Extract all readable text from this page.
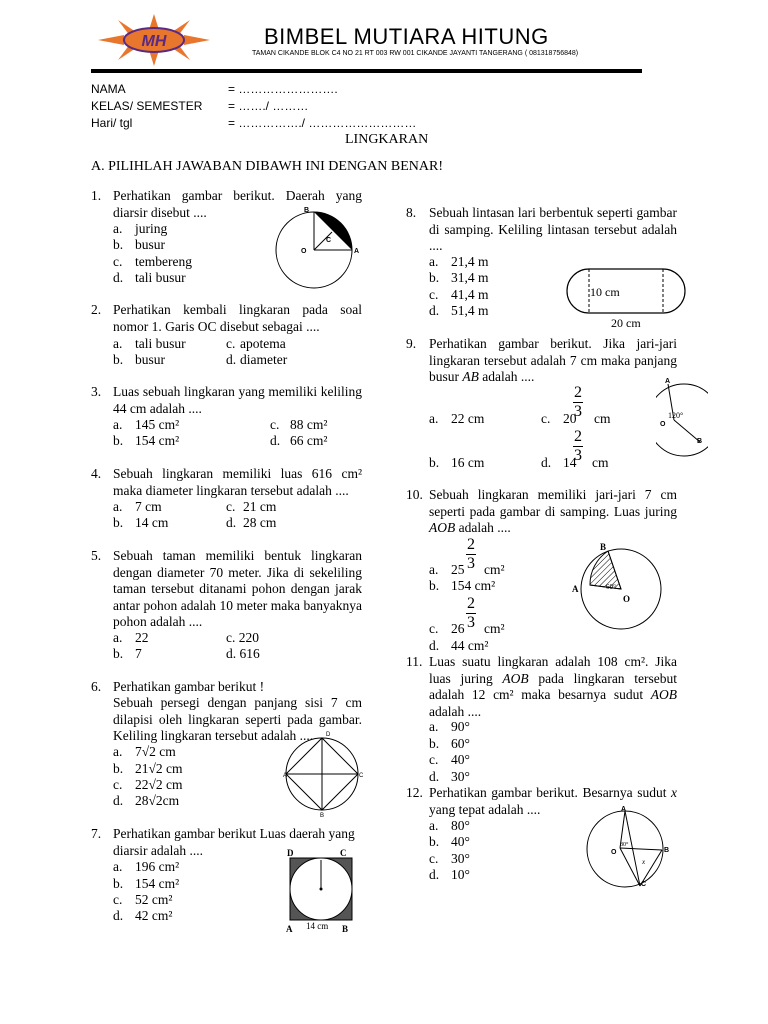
MH	BIMBEL MUTIARA HITUNG
TAMAN CIKANDE BLOK C4 NO 21 RT 003 RW 001 CIKANDE JAYANTI TANGERANG ( 081318756848)
NAMA	= …………………….
KELAS/ SEMESTER = ……./ ………
Hari/ tgl	= ……………./ ………………………
LINGKARAN
A. PILIHLAH JAWABAN DIBAWH INI DENGAN BENAR!
1. Perhatikan gambar berikut. Daerah yang diarsir disebut ....
a. juring
b. busur
c. tembereng
d. tali busur
B
C
O	A
2. Perhatikan kembali lingkaran pada soal nomor 1. Garis OC disebut sebagai ....
a. tali busur	c. apotema
b. busur	d. diameter
3. Luas sebuah lingkaran yang memiliki keliling 44 cm adalah ....
a. 145 cm²	c. 88 cm²
b. 154 cm²	d. 66 cm²
4. Sebuah lingkaran memiliki luas 616 cm² maka diameter lingkaran tersebut adalah ....
a. 7 cm	c. 21 cm
b. 14 cm	d. 28 cm
5. Sebuah taman memiliki bentuk lingkaran dengan diameter 70 meter. Jika di sekeliling taman tersebut ditanami pohon dengan jarak antar pohon adalah 10 meter maka banyaknya pohon adalah ....
a. 22	c. 220
b. 7	d. 616
6. Perhatikan gambar berikut !
Sebuah persegi dengan panjang sisi 7 cm dilapisi oleh lingkaran seperti pada gambar. Keliling lingkaran tersebut adalah ....
a. 7√2 cm
b. 21√2 cm
c. 22√2 cm
d. 28√2cm
D
A	C
B
7. Perhatikan gambar berikut Luas daerah yang diarsir adalah ....
a. 196 cm²
b. 154 cm²
c. 52 cm²
d. 42 cm²
D	C
A	B
14 cm
8. Sebuah lintasan lari berbentuk seperti gambar di samping. Keliling lintasan tersebut adalah ....
a. 21,4 m
b. 31,4 m
c. 41,4 m
d. 51,4 m
10 cm
20 cm
9. Perhatikan gambar berikut. Jika jari-jari lingkaran tersebut adalah 7 cm maka panjang busur AB adalah ....
a. 22 cm	c. 20
$\frac{2}{3}$ cm
b. 16 cm	d. 14
$\frac{2}{3}$ cm
A
O
B
120°
10. Sebuah lingkaran memiliki jari-jari 7 cm seperti pada gambar di samping. Luas juring AOB adalah ....
a. $25 \frac{2}{3} cm^2$
b. 154 cm²
c. $26 \frac{2}{3} cm^2$
d. 44 cm²
B
A
O
60°
11. Luas suatu lingkaran adalah 108 cm². Jika luas juring AOB pada lingkaran tersebut adalah 12 cm² maka besarnya sudut AOB adalah ....
a. 90°
b. 60°
c. 40°
d. 30°
12. Perhatikan gambar berikut. Besarnya sudut x yang tepat adalah ....
a. 80°
b. 40°
c. 30°
d. 10°
A
O	B
C
80°
x
